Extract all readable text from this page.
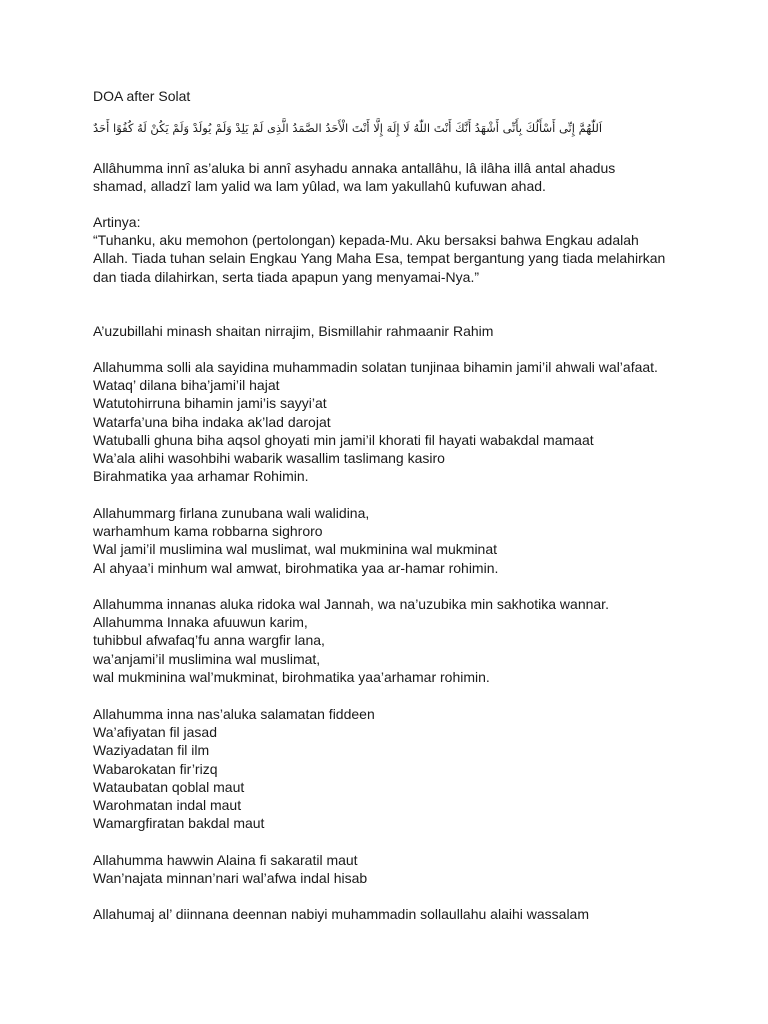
DOA after Solat
اَللّٰهُمَّ إِنِّى أَسْأَلُكَ بِأَنِّى أَشْهَدُ أَنَّكَ أَنْتَ اللّٰهُ لَا إِلَهَ إِلَّا أَنْتَ الْأَحَدُ الصَّمَدُ الَّذِى لَمْ يَلِدْ وَلَمْ يُولَدْ وَلَمْ يَكُنْ لَهُ كُفُوًا أَحَدٌ
Allâhumma innî as’aluka bi annî asyhadu annaka antallâhu, lâ ilâha illâ antal ahadus
shamad, alladzî lam yalid wa lam yûlad, wa lam yakullahû kufuwan ahad.
Artinya:
“Tuhanku, aku memohon (pertolongan) kepada-Mu. Aku bersaksi bahwa Engkau adalah
Allah. Tiada tuhan selain Engkau Yang Maha Esa, tempat bergantung yang tiada melahirkan
dan tiada dilahirkan, serta tiada apapun yang menyamai-Nya.”
A’uzubillahi minash shaitan nirrajim, Bismillahir rahmaanir Rahim
Allahumma solli ala sayidina muhammadin solatan tunjinaa bihamin jami’il ahwali wal’afaat.
Wataq’ dilana biha’jami’il hajat
Watutohirruna bihamin jami’is sayyi’at
Watarfa’una biha indaka ak’lad darojat
Watuballi ghuna biha aqsol ghoyati min jami’il khorati fil hayati wabakdal mamaat
Wa’ala alihi wasohbihi wabarik wasallim taslimang kasiro
Birahmatika yaa arhamar Rohimin.
Allahummarg firlana zunubana wali walidina,
warhamhum kama robbarna sighroro
Wal jami’il muslimina wal muslimat, wal mukminina wal mukminat
Al ahyaa’i minhum wal amwat, birohmatika yaa ar-hamar rohimin.
Allahumma innanas aluka ridoka wal Jannah, wa na’uzubika min sakhotika wannar.
Allahumma Innaka afuuwun karim,
tuhibbul afwafaq’fu anna wargfir lana,
wa’anjami’il muslimina wal muslimat,
wal mukminina wal’mukminat, birohmatika yaa’arhamar rohimin.
Allahumma inna nas’aluka salamatan fiddeen
Wa’afiyatan fil jasad
Waziyadatan fil ilm
Wabarokatan fir’rizq
Wataubatan qoblal maut
Warohmatan indal maut
Wamargfiratan bakdal maut
Allahumma hawwin Alaina fi sakaratil maut
Wan’najata minnan’nari wal’afwa indal hisab
Allahumaj al’ diinnana deennan nabiyi muhammadin sollaullahu alaihi wassalam
